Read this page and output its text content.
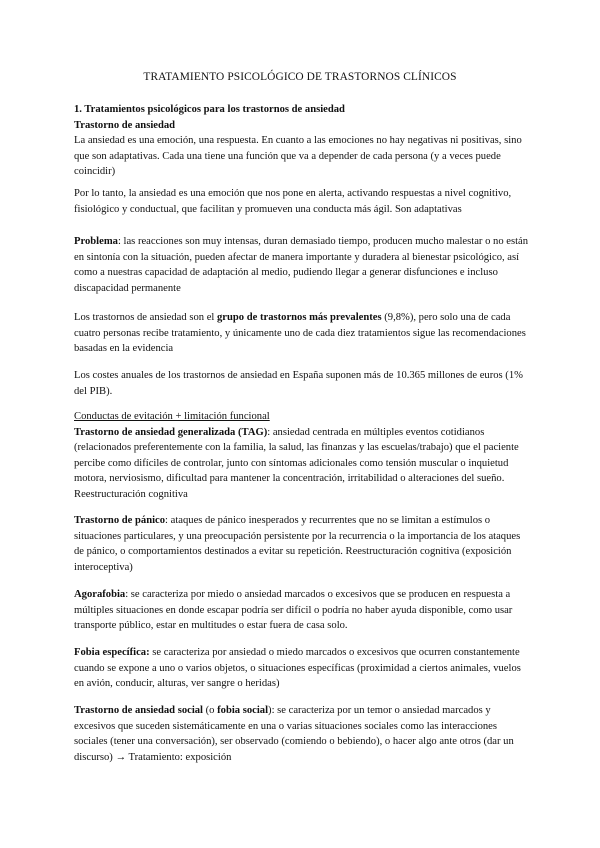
TRATAMIENTO PSICOLÓGICO DE TRASTORNOS CLÍNICOS

1. Tratamientos psicológicos para los trastornos de ansiedad

Trastorno de ansiedad

La ansiedad es una emoción, una respuesta. En cuanto a las emociones no hay negativas ni positivas, sino que son adaptativas. Cada una tiene una función que va a depender de cada persona (y a veces puede coincidir)

Por lo tanto, la ansiedad es una emoción que nos pone en alerta, activando respuestas a nivel cognitivo, fisiológico y conductual, que facilitan y promueven una conducta más ágil. Son adaptativas

Problema: las reacciones son muy intensas, duran demasiado tiempo, producen mucho malestar o no están en sintonía con la situación, pueden afectar de manera importante y duradera al bienestar psicológico, así como a nuestras capacidad de adaptación al medio, pudiendo llegar a generar disfunciones e incluso discapacidad permanente

Los trastornos de ansiedad son el grupo de trastornos más prevalentes (9,8%), pero solo una de cada cuatro personas recibe tratamiento, y únicamente uno de cada diez tratamientos sigue las recomendaciones basadas en la evidencia

Los costes anuales de los trastornos de ansiedad en España suponen más de 10.365 millones de euros (1% del PIB).

Conductas de evitación + limitación funcional

Trastorno de ansiedad generalizada (TAG): ansiedad centrada en múltiples eventos cotidianos (relacionados preferentemente con la familia, la salud, las finanzas y las escuelas/trabajo) que el paciente percibe como difíciles de controlar, junto con síntomas adicionales como tensión muscular o inquietud motora, nerviosismo, dificultad para mantener la concentración, irritabilidad o alteraciones del sueño. Reestructuración cognitiva

Trastorno de pánico: ataques de pánico inesperados y recurrentes que no se limitan a estímulos o situaciones particulares, y una preocupación persistente por la recurrencia o la importancia de los ataques de pánico, o comportamientos destinados a evitar su repetición. Reestructuración cognitiva (exposición interoceptiva)

Agorafobia: se caracteriza por miedo o ansiedad marcados o excesivos que se producen en respuesta a múltiples situaciones en donde escapar podría ser difícil o podría no haber ayuda disponible, como usar transporte público, estar en multitudes o estar fuera de casa solo.

Fobia específica: se caracteriza por ansiedad o miedo marcados o excesivos que ocurren constantemente cuando se expone a uno o varios objetos, o situaciones específicas (proximidad a ciertos animales, vuelos en avión, conducir, alturas, ver sangre o heridas)

Trastorno de ansiedad social (o fobia social): se caracteriza por un temor o ansiedad marcados y excesivos que suceden sistemáticamente en una o varias situaciones sociales como las interacciones sociales (tener una conversación), ser observado (comiendo o bebiendo), o hacer algo ante otros (dar un discurso) → Tratamiento: exposición
